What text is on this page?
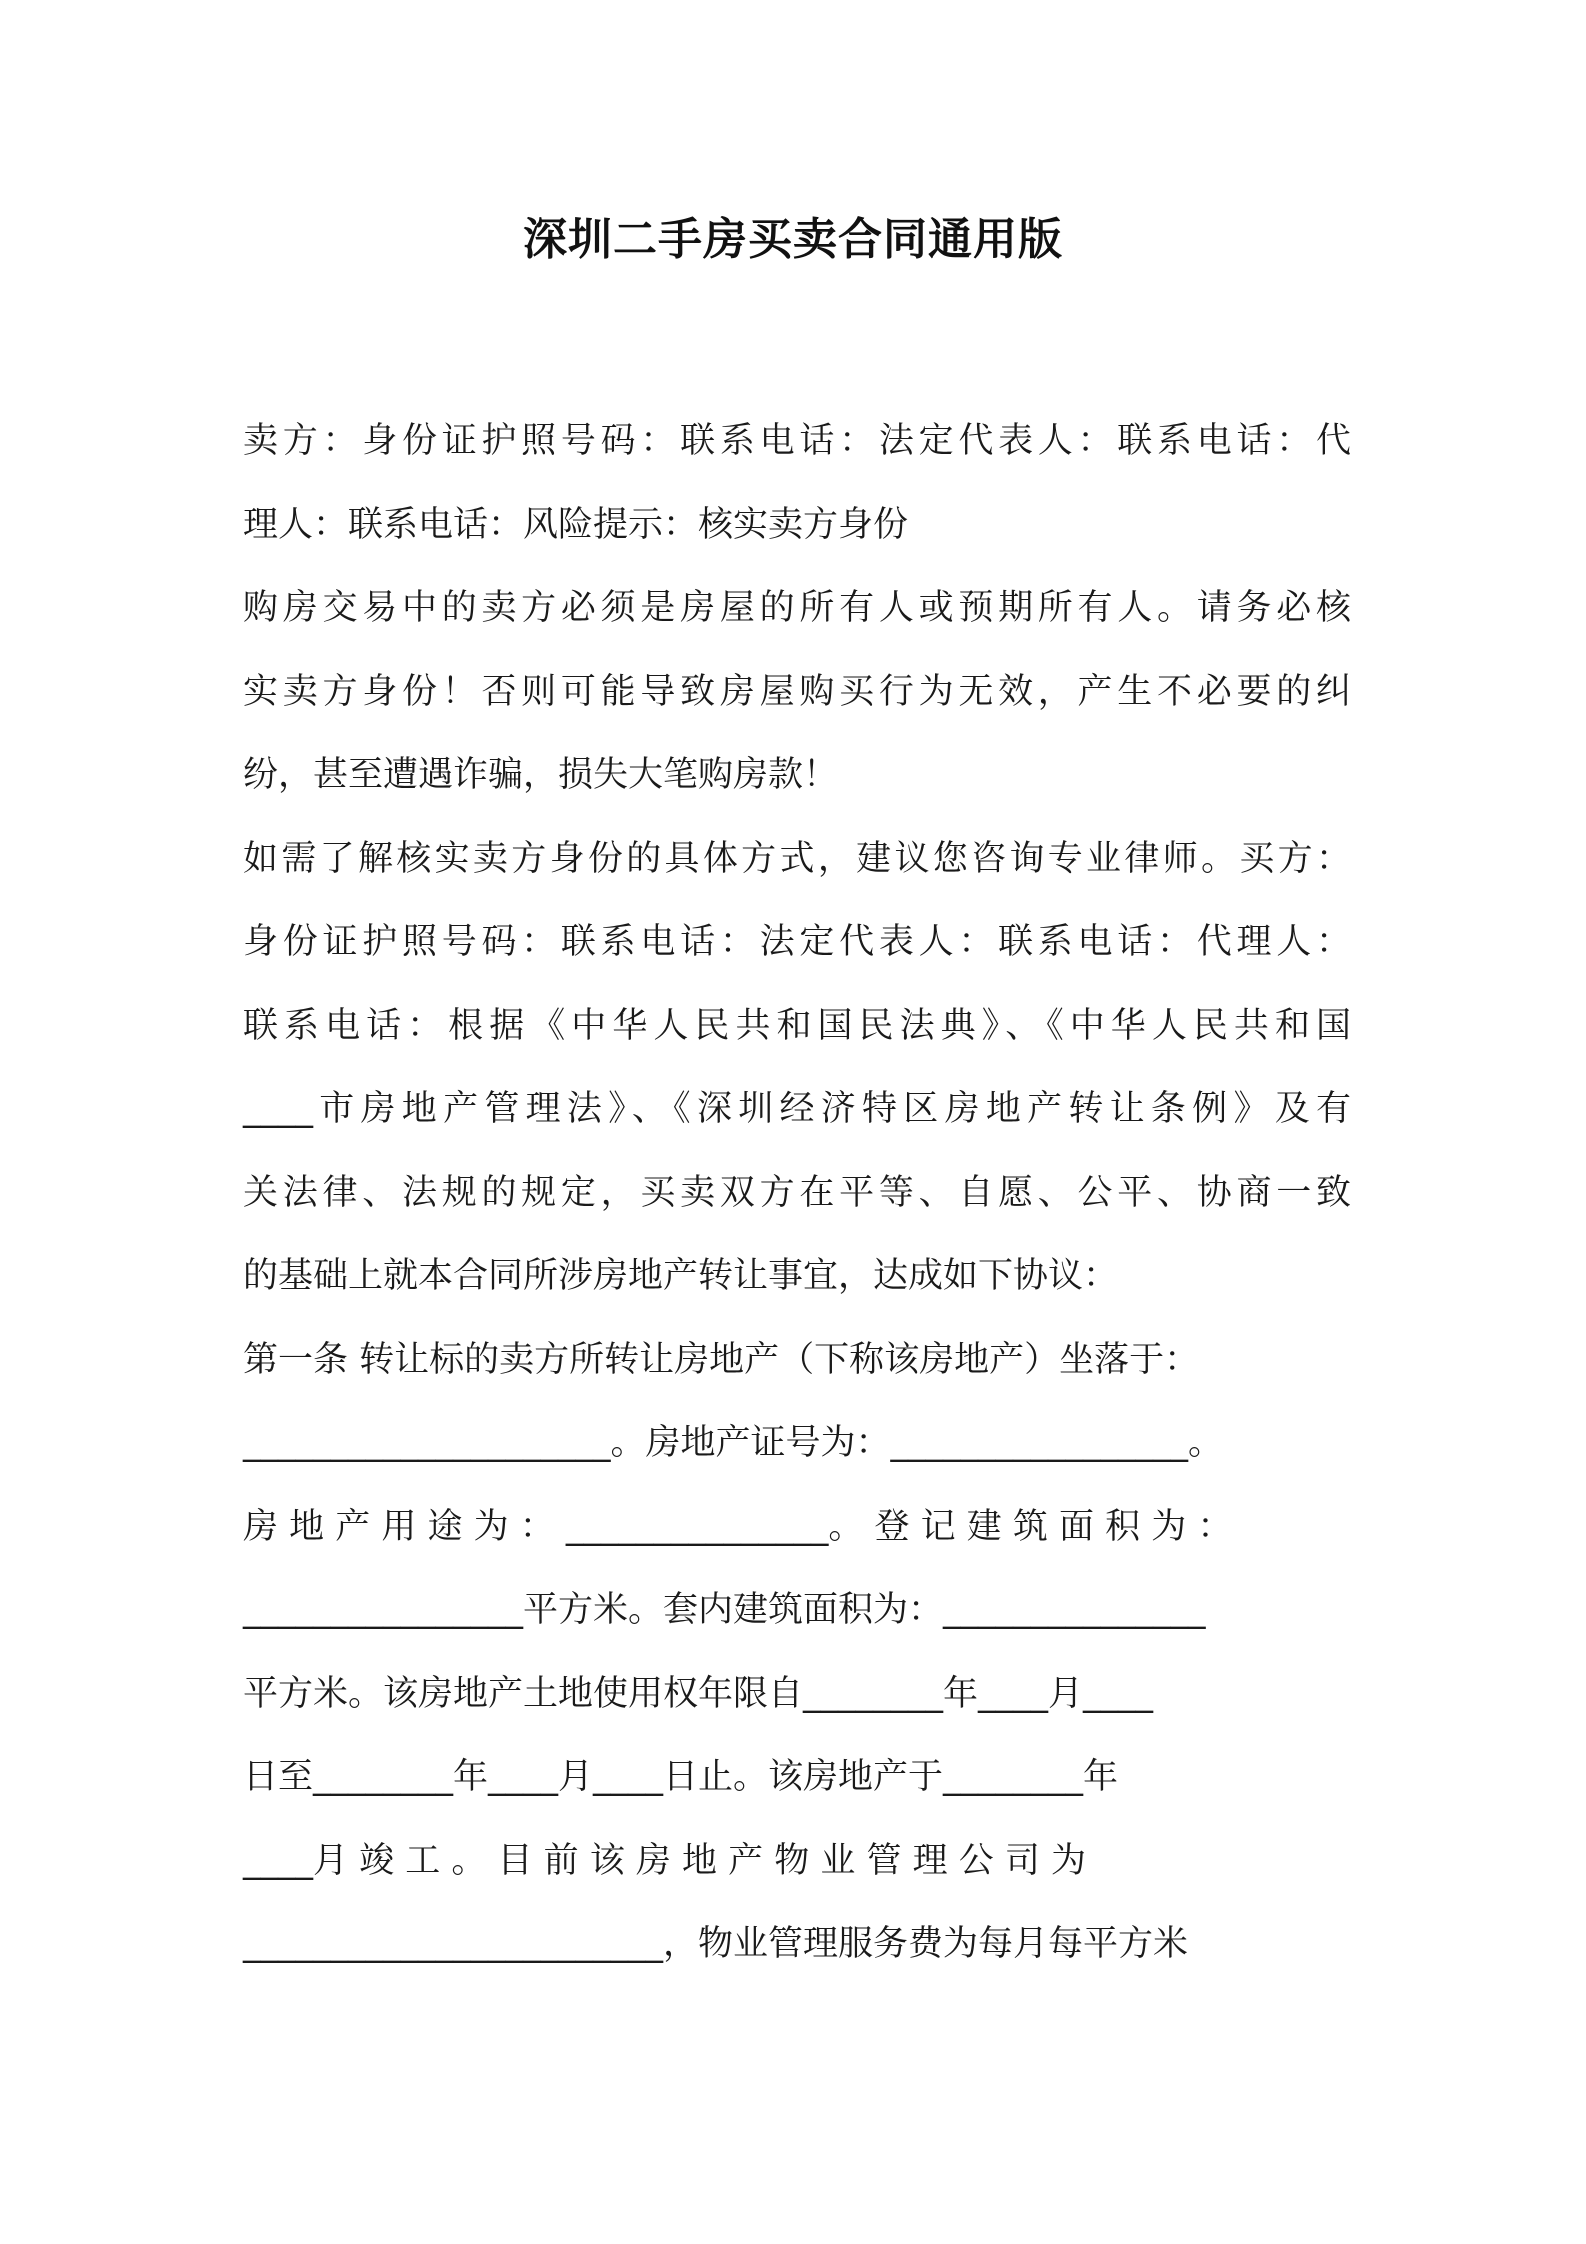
深圳二手房买卖合同通用版
卖方：身份证护照号码：联系电话：法定代表人：联系电话：代
理人：联系电话：风险提示：核实卖方身份
购房交易中的卖方必须是房屋的所有人或预期所有人。请务必核
实卖方身份！否则可能导致房屋购买行为无效，产生不必要的纠
纷，甚至遭遇诈骗，损失大笔购房款！
如需了解核实卖方身份的具体方式，建议您咨询专业律师。买方：
身份证护照号码：联系电话：法定代表人：联系电话：代理人：
联系电话：根据《中华人民共和国民法典》、《中华人民共和国
____市房地产管理法》、《深圳经济特区房地产转让条例》及有
关法律、法规的规定，买卖双方在平等、自愿、公平、协商一致
的基础上就本合同所涉房地产转让事宜，达成如下协议：
第一条 转让标的卖方所转让房地产（下称该房地产）坐落于：
_____________________。房地产证号为：_________________。
房 地 产 用 途 为 ： _______________。 登 记 建 筑 面 积 为 ：
________________平方米。套内建筑面积为：_______________
平方米。该房地产土地使用权年限自________年____月____
日至________年____月____日止。该房地产于________年
____月 竣 工 。 目 前 该 房 地 产 物 业 管 理 公 司 为
________________________，物业管理服务费为每月每平方米
